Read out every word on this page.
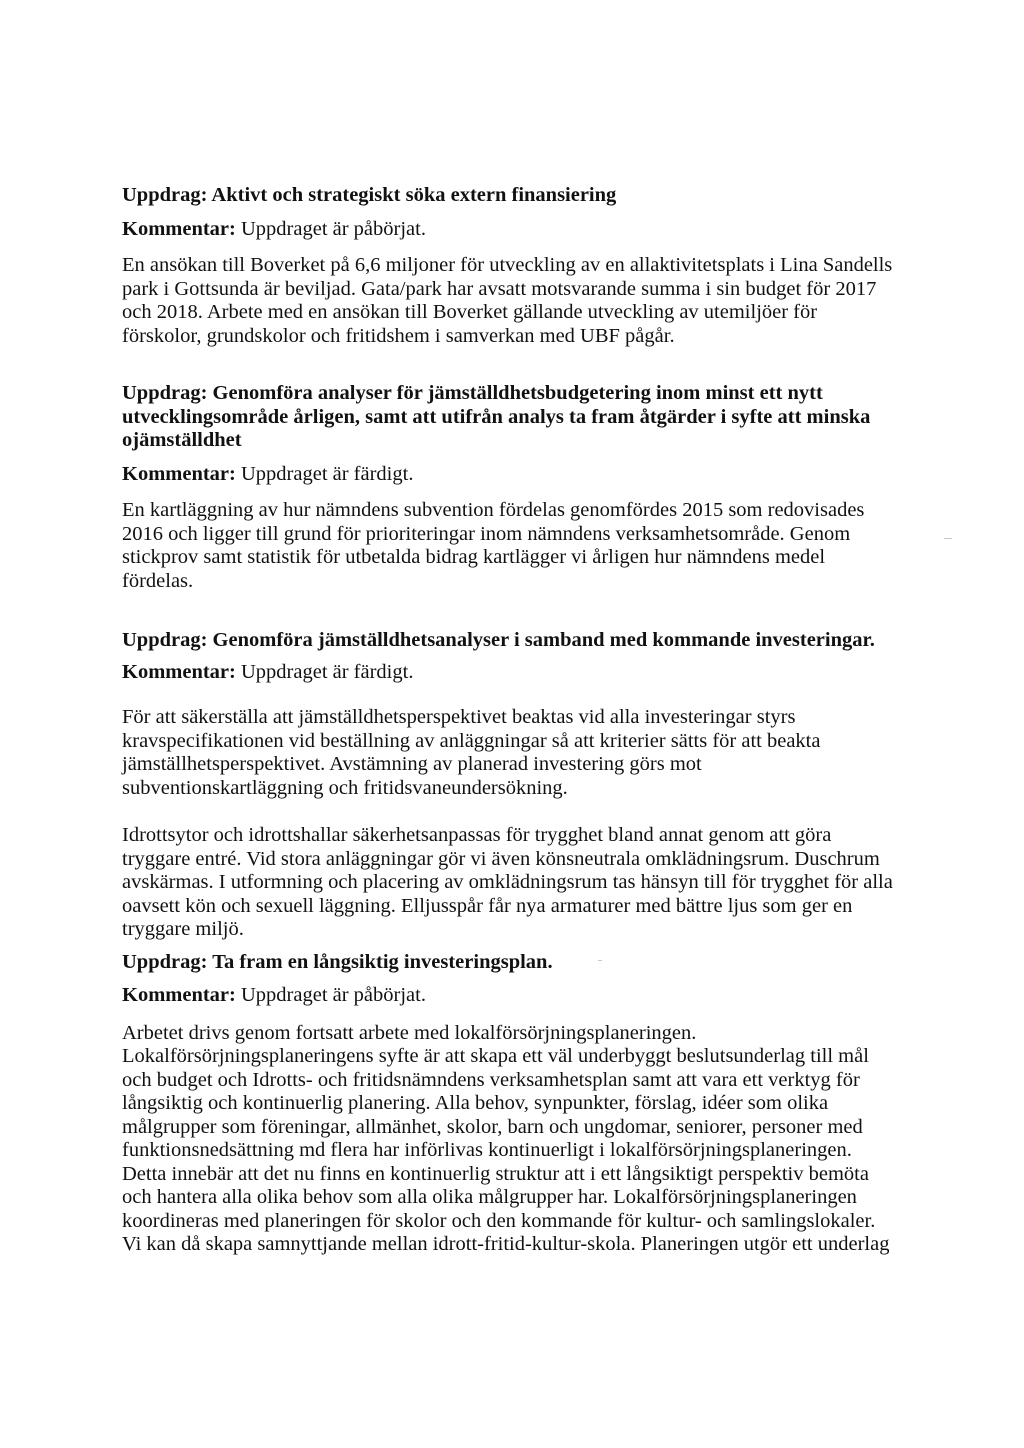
Uppdrag: Aktivt och strategiskt söka extern finansiering

Kommentar: Uppdraget är påbörjat.

En ansökan till Boverket på 6,6 miljoner för utveckling av en allaktivitetsplats i Lina Sandells
park i Gottsunda är beviljad. Gata/park har avsatt motsvarande summa i sin budget för 2017
och 2018. Arbete med en ansökan till Boverket gällande utveckling av utemiljöer för
förskolor, grundskolor och fritidshem i samverkan med UBF pågår.

Uppdrag: Genomföra analyser för jämställdhetsbudgetering inom minst ett nytt
utvecklingsområde årligen, samt att utifrån analys ta fram åtgärder i syfte att minska
ojämställdhet

Kommentar: Uppdraget är färdigt.

En kartläggning av hur nämndens subvention fördelas genomfördes 2015 som redovisades
2016 och ligger till grund för prioriteringar inom nämndens verksamhetsområde. Genom
stickprov samt statistik för utbetalda bidrag kartlägger vi årligen hur nämndens medel
fördelas.

Uppdrag: Genomföra jämställdhetsanalyser i samband med kommande investeringar.

Kommentar: Uppdraget är färdigt.

För att säkerställa att jämställdhetsperspektivet beaktas vid alla investeringar styrs
kravspecifikationen vid beställning av anläggningar så att kriterier sätts för att beakta
jämställhetsperspektivet. Avstämning av planerad investering görs mot
subventionskartläggning och fritidsvaneundersökning.

Idrottsytor och idrottshallar säkerhetsanpassas för trygghet bland annat genom att göra
tryggare entré. Vid stora anläggningar gör vi även könsneutrala omklädningsrum. Duschrum
avskärmas. I utformning och placering av omklädningsrum tas hänsyn till för trygghet för alla
oavsett kön och sexuell läggning. Elljusspår får nya armaturer med bättre ljus som ger en
tryggare miljö.

Uppdrag: Ta fram en långsiktig investeringsplan.

Kommentar: Uppdraget är påbörjat.

Arbetet drivs genom fortsatt arbete med lokalförsörjningsplaneringen.
Lokalförsörjningsplaneringens syfte är att skapa ett väl underbyggt beslutsunderlag till mål
och budget och Idrotts- och fritidsnämndens verksamhetsplan samt att vara ett verktyg för
långsiktig och kontinuerlig planering. Alla behov, synpunkter, förslag, idéer som olika
målgrupper som föreningar, allmänhet, skolor, barn och ungdomar, seniorer, personer med
funktionsnedsättning md flera har införlivas kontinuerligt i lokalförsörjningsplaneringen.
Detta innebär att det nu finns en kontinuerlig struktur att i ett långsiktigt perspektiv bemöta
och hantera alla olika behov som alla olika målgrupper har. Lokalförsörjningsplaneringen
koordineras med planeringen för skolor och den kommande för kultur- och samlingslokaler.
Vi kan då skapa samnyttjande mellan idrott-fritid-kultur-skola. Planeringen utgör ett underlag
